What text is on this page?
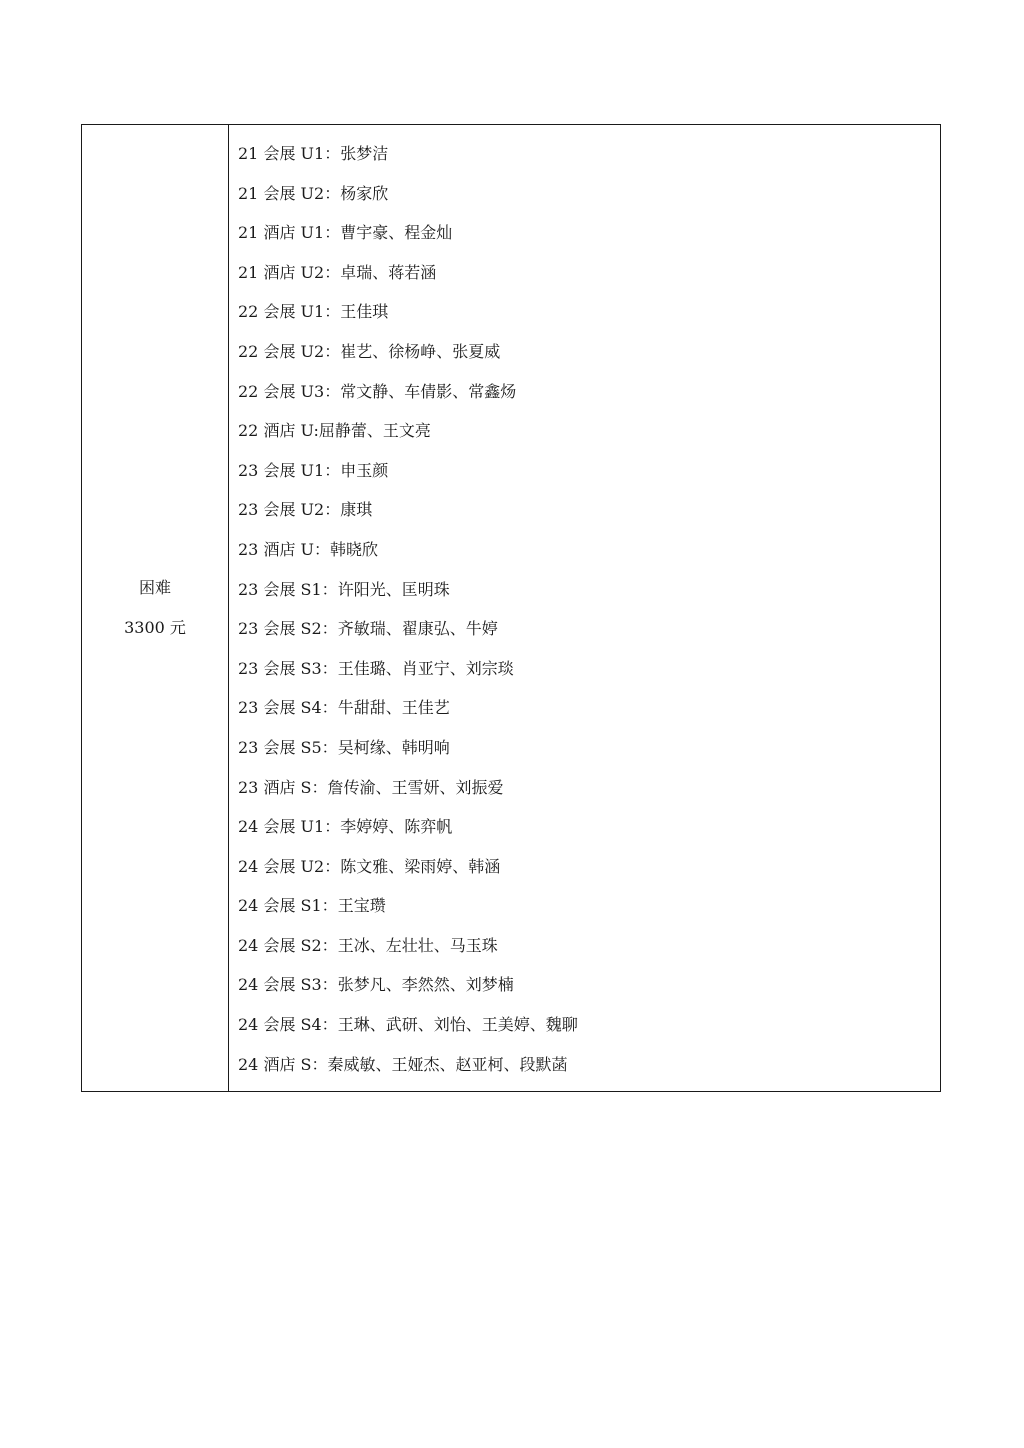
困难
3300 元
21 会展 U1： 张梦洁
21 会展 U2： 杨家欣
21 酒店 U1： 曹宇豪、程金灿
21 酒店 U2： 卓瑞、蒋若涵
22 会展 U1： 王佳琪
22 会展 U2： 崔艺、徐杨峥、张夏威
22 会展 U3： 常文静、车倩影、常鑫炀
22 酒店 U: 屈静蕾、王文亮
23 会展 U1： 申玉颜
23 会展 U2： 康琪
23 酒店 U： 韩晓欣
23 会展 S1： 许阳光、匡明珠
23 会展 S2： 齐敏瑞、翟康弘、牛婷
23 会展 S3： 王佳璐、肖亚宁、刘宗琰
23 会展 S4： 牛甜甜、王佳艺
23 会展 S5： 吴柯缘、韩明响
23 酒店 S： 詹传渝、王雪妍、刘振爱
24 会展 U1： 李婷婷、陈弈帆
24 会展 U2： 陈文雅、梁雨婷、韩涵
24 会展 S1： 王宝瓒
24 会展 S2： 王冰、左壮壮、马玉珠
24 会展 S3： 张梦凡、李然然、刘梦楠
24 会展 S4： 王琳、武研、刘怡、王美婷、魏聊
24 酒店 S： 秦威敏、王娅杰、赵亚柯、段默菡
